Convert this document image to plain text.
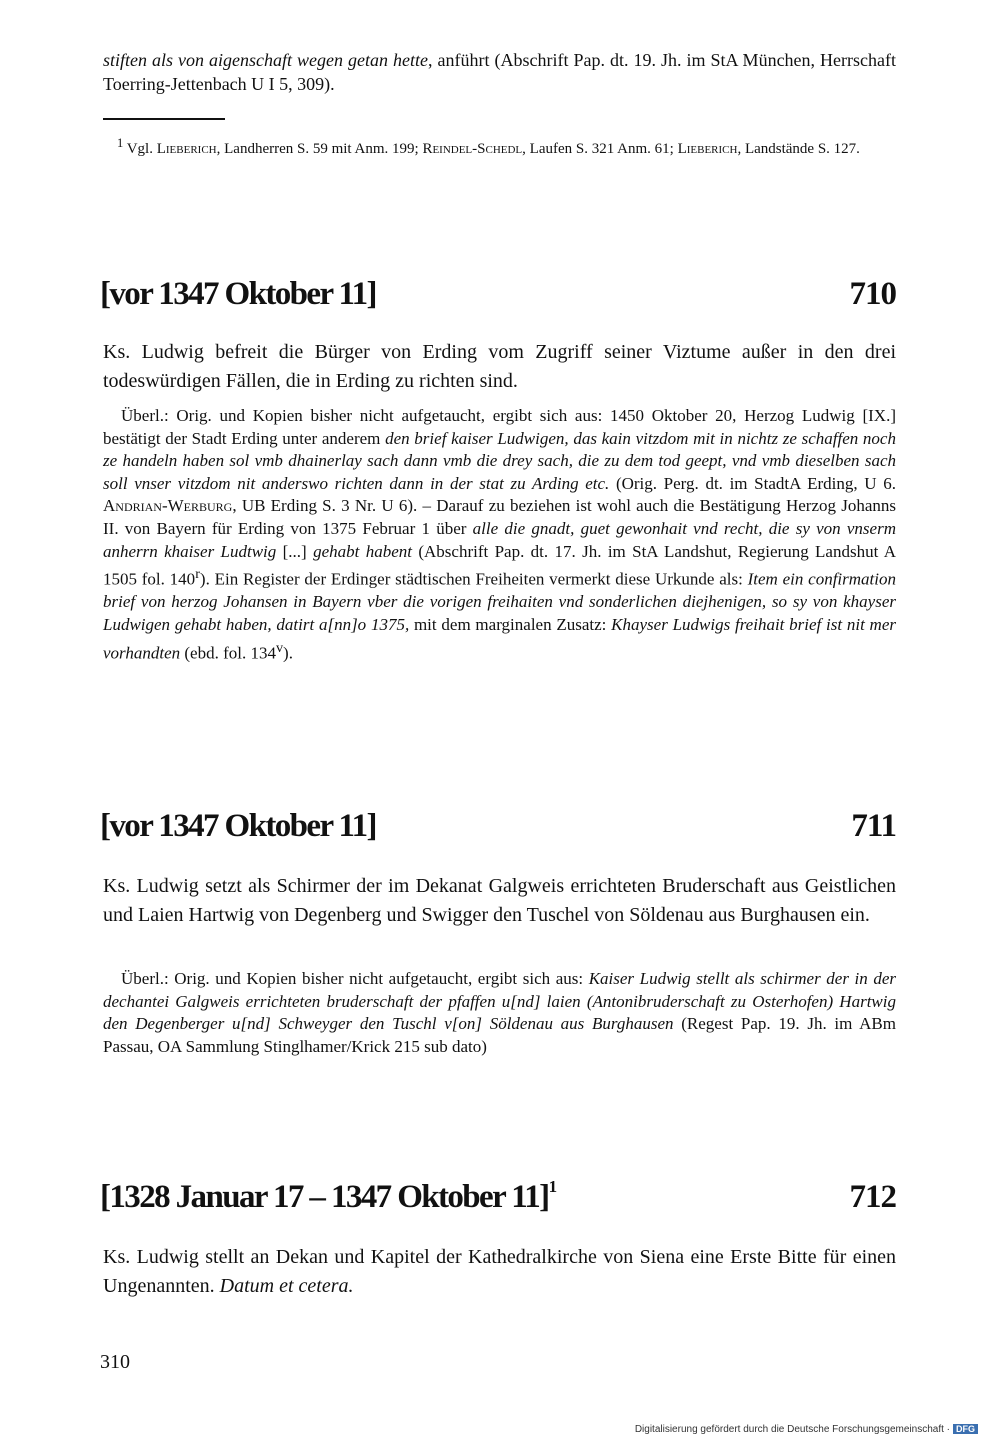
stiften als von aigenschaft wegen getan hette, anführt (Abschrift Pap. dt. 19. Jh. im StA München, Herrschaft Toerring-Jettenbach U I 5, 309).
$^1$ Vgl. Lieberich, Landherren S. 59 mit Anm. 199; Reindel-Schedl, Laufen S. 321 Anm. 61; Lieberich, Landstände S. 127.
[vor 1347 Oktober 11]	710
Ks. Ludwig befreit die Bürger von Erding vom Zugriff seiner Viztume außer in den drei todeswürdigen Fällen, die in Erding zu richten sind.
Überl.: Orig. und Kopien bisher nicht aufgetaucht, ergibt sich aus: 1450 Oktober 20, Herzog Ludwig [IX.] bestätigt der Stadt Erding unter anderem den brief kaiser Ludwigen, das kain vitzdom mit in nichtz ze schaffen noch ze handeln haben sol vmb dhainerlay sach dann vmb die drey sach, die zu dem tod geept, vnd vmb dieselben sach soll vnser vitzdom nit anderswo richten dann in der stat zu Arding etc. (Orig. Perg. dt. im StadtA Erding, U 6. Andrian-Werburg, UB Erding S. 3 Nr. U 6). – Darauf zu beziehen ist wohl auch die Bestätigung Herzog Johanns II. von Bayern für Erding von 1375 Februar 1 über alle die gnadt, guet gewonhait vnd recht, die sy von vnserm anherrn khaiser Ludtwig [...] gehabt habent (Abschrift Pap. dt. 17. Jh. im StA Landshut, Regierung Landshut A 1505 fol. 140$^r$). Ein Register der Erdinger städtischen Freiheiten vermerkt diese Urkunde als: Item ein confirmation brief von herzog Johansen in Bayern vber die vorigen freihaiten vnd sonderlichen diejhenigen, so sy von khayser Ludwigen gehabt haben, datirt a[nn]o 1375, mit dem marginalen Zusatz: Khayser Ludwigs freihait brief ist nit mer vorhandten (ebd. fol. 134$^v$).
[vor 1347 Oktober 11]	711
Ks. Ludwig setzt als Schirmer der im Dekanat Galgweis errichteten Bruderschaft aus Geistlichen und Laien Hartwig von Degenberg und Swigger den Tuschel von Söldenau aus Burghausen ein.
Überl.: Orig. und Kopien bisher nicht aufgetaucht, ergibt sich aus: Kaiser Ludwig stellt als schirmer der in der dechantei Galgweis errichteten bruderschaft der pfaffen u[nd] laien (Antonibruderschaft zu Osterhofen) Hartwig den Degenberger u[nd] Schweyger den Tuschl v[on] Söldenau aus Burghausen (Regest Pap. 19. Jh. im ABm Passau, OA Sammlung Stinglhamer/Krick 215 sub dato)
[1328 Januar 17 – 1347 Oktober 11]$^1$	712
Ks. Ludwig stellt an Dekan und Kapitel der Kathedralkirche von Siena eine Erste Bitte für einen Ungenannten. Datum et cetera.
310
Digitalisierung gefördert durch die Deutsche Forschungsgemeinschaft · DFG
